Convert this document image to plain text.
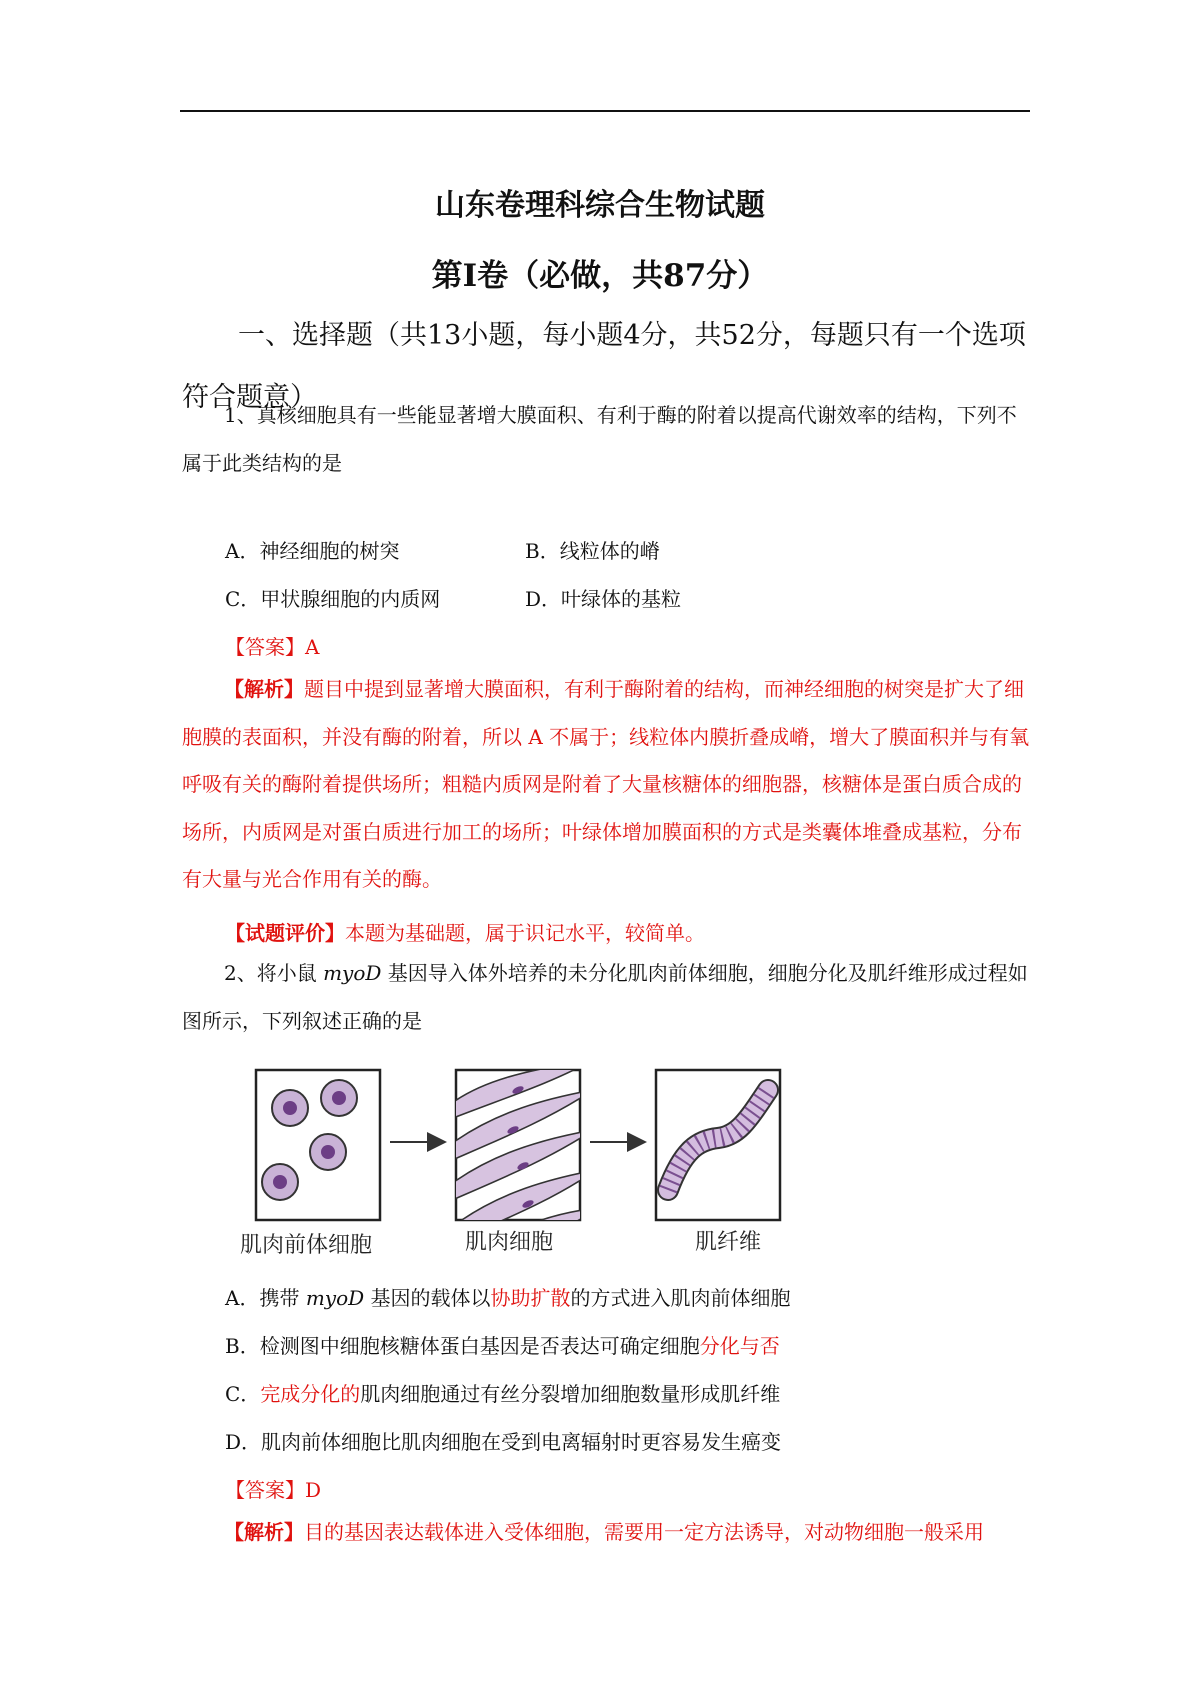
山东卷理科综合生物试题
第I卷（必做，共87分）
一、选择题（共13小题，每小题4分，共52分，每题只有一个选项符合题意）
1、真核细胞具有一些能显著增大膜面积、有利于酶的附着以提高代谢效率的结构，下列不属于此类结构的是
A．神经细胞的树突	B．线粒体的嵴
C．甲状腺细胞的内质网	D．叶绿体的基粒
【答案】A
【解析】题目中提到显著增大膜面积，有利于酶附着的结构，而神经细胞的树突是扩大了细胞膜的表面积，并没有酶的附着，所以 A 不属于；线粒体内膜折叠成嵴，增大了膜面积并与有氧呼吸有关的酶附着提供场所；粗糙内质网是附着了大量核糖体的细胞器，核糖体是蛋白质合成的场所，内质网是对蛋白质进行加工的场所；叶绿体增加膜面积的方式是类囊体堆叠成基粒，分布有大量与光合作用有关的酶。
【试题评价】本题为基础题，属于识记水平，较简单。
2、将小鼠 myoD 基因导入体外培养的未分化肌肉前体细胞，细胞分化及肌纤维形成过程如图所示，下列叙述正确的是
肌肉前体细胞	肌肉细胞	肌纤维
A．携带 myoD 基因的载体以协助扩散的方式进入肌肉前体细胞
B．检测图中细胞核糖体蛋白基因是否表达可确定细胞分化与否
C．完成分化的肌肉细胞通过有丝分裂增加细胞数量形成肌纤维
D．肌肉前体细胞比肌肉细胞在受到电离辐射时更容易发生癌变
【答案】D
【解析】目的基因表达载体进入受体细胞，需要用一定方法诱导，对动物细胞一般采用
